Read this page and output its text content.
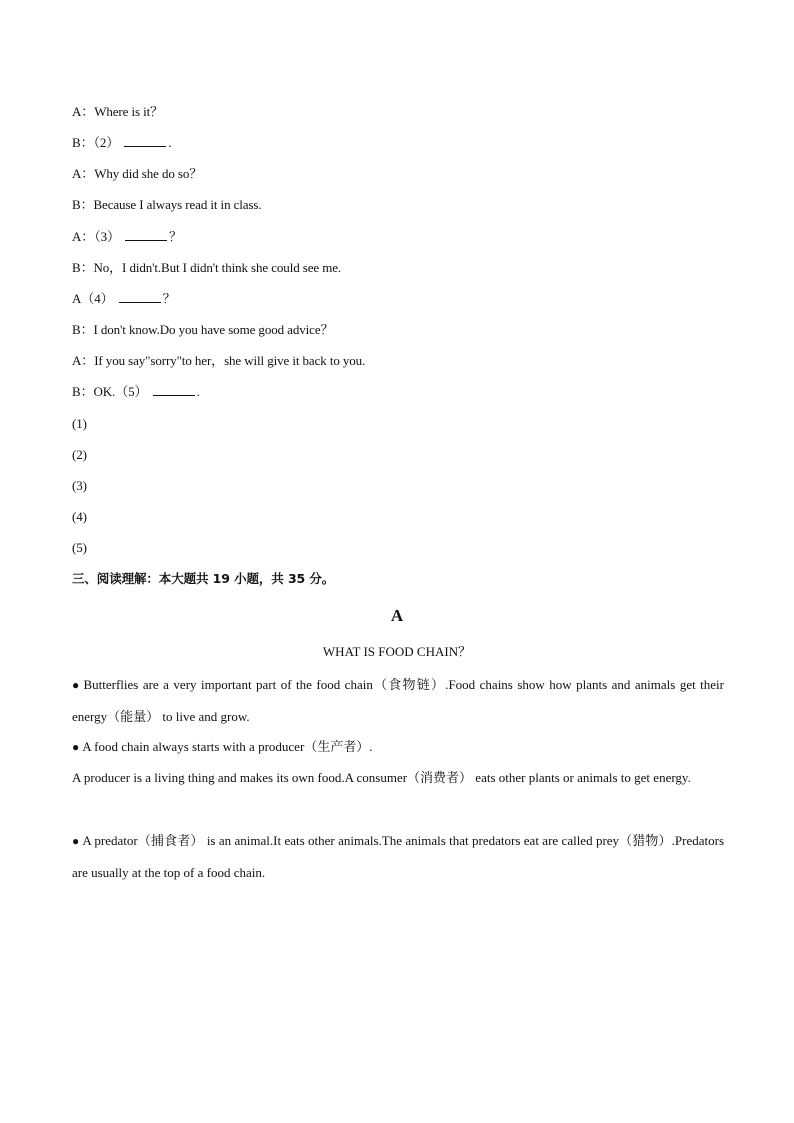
A：Where is it？
B：（2）	.
A：Why did she do so？
B：Because I always read it in class.
A：（3）	？
B：No，I didn't.But I didn't think she could see me.
A（4）	？
B：I don't know.Do you have some good advice？
A：If you say"sorry"to her，she will give it back to you.
B：OK.（5）	.
(1)
(2)
(3)
(4)
(5)
三、阅读理解：本大题共 19 小题，共 35 分。
A
WHAT IS FOOD CHAIN？
● Butterflies are a very important part of the food chain（食物链）.Food chains show how plants and animals get their energy（能量） to live and grow.
● A food chain always starts with a producer（生产者）.
A producer is a living thing and makes its own food.A consumer（消费者） eats other plants or animals to get energy.
● A predator（捕食者） is an animal.It eats other animals.The animals that predators eat are called prey（猎物）.Predators are usually at the top of a food chain.
